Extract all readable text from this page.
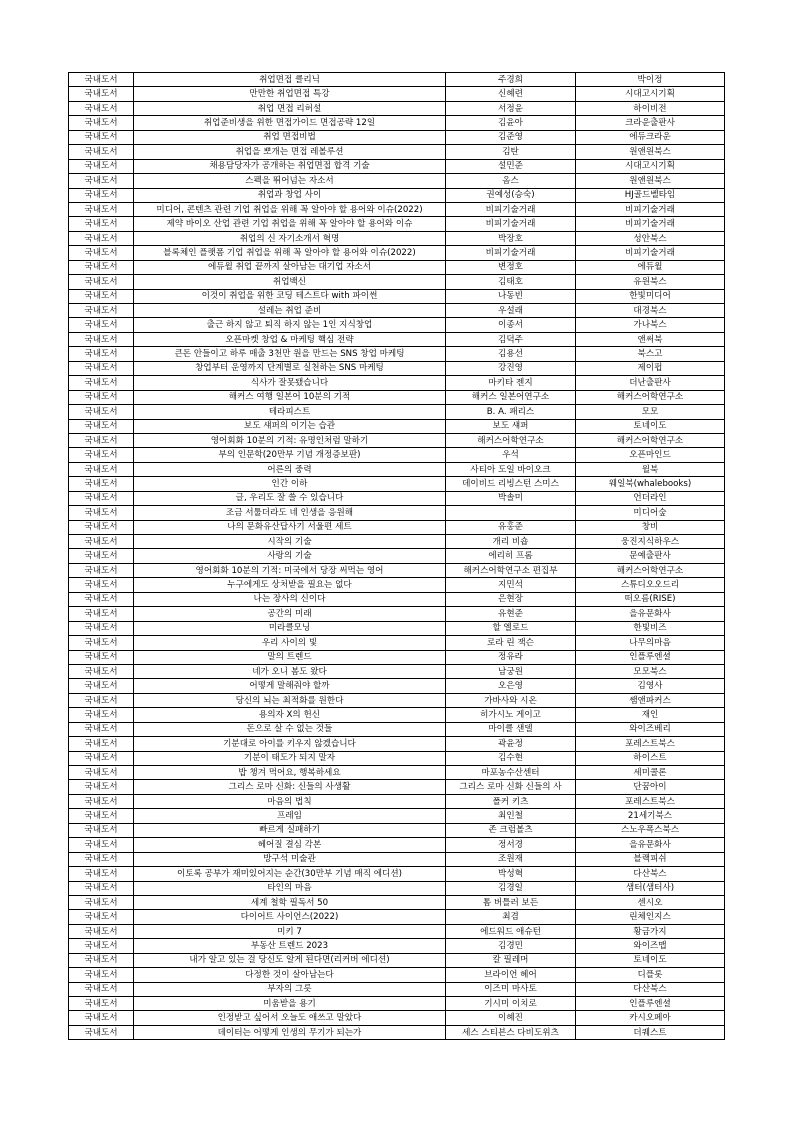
국내도서	취업면접 클리닉	주경희	박이정
국내도서	만만한 취업면접 특강	신혜련	시대고시기획
국내도서	취업 면접 리허설	서정윤	하이비전
국내도서	취업준비생을 위한 면접가이드 면접공략 12일	김윤아	크라운출판사
국내도서	취업 면접비법	김준영	에듀크라운
국내도서	취업을 뽀개는 면접 레볼루션	김탄	원앤원북스
국내도서	채용담당자가 공개하는 취업면접 합격 기술	설민준	시대고시기획
국내도서	스펙을 뛰어넘는 자소서	옴스	원앤원북스
국내도서	취업과 창업 사이	권예성(승숙)	HJ골드벨타임
국내도서	미디어, 콘텐츠 관련 기업 취업을 위해 꼭 알아야 할 용어와 이슈(2022)	비피기술거래	비피기술거래
국내도서	제약 바이오 산업 관련 기업 취업을 위해 꼭 알아야 할 용어와 이슈	비피기술거래	비피기술거래
국내도서	취업의 신 자기소개서 혁명	박장호	성안북스
국내도서	블록체인 플랫폼 기업 취업을 위해 꼭 알아야 할 용어와 이슈(2022)	비피기술거래	비피기술거래
국내도서	에듀윌 취업 끝까지 살아남는 대기업 자소서	변정호	에듀윌
국내도서	취업백신	김태호	유원북스
국내도서	이것이 취업을 위한 코딩 테스트다 with 파이썬	나동빈	한빛미디어
국내도서	설레는 취업 준비	우설래	대경북스
국내도서	출근 하지 않고 퇴직 하지 않는 1인 지식창업	이종서	가나북스
국내도서	오픈마켓 창업 & 마케팅 핵심 전략	김덕주	앤써북
국내도서	큰돈 안들이고 하루 매출 3천만 원을 만드는 SNS 창업 마케팅	김용선	북스고
국내도서	창업부터 운영까지 단계별로 실천하는 SNS 마케팅	강진영	제이펍
국내도서	식사가 잘못됐습니다	마키타 젠지	더난출판사
국내도서	해커스 여행 일본어 10분의 기적	해커스 일본어연구소	해커스어학연구소
국내도서	테라피스트	B. A. 패리스	모모
국내도서	보도 섀퍼의 이기는 습관	보도 섀퍼	토네이도
국내도서	영어회화 10분의 기적: 유명인처럼 말하기	해커스어학연구소	해커스어학연구소
국내도서	부의 인문학(20만부 기념 개정증보판)	우석	오픈마인드
국내도서	어른의 중력	사티아 도일 바이오크	윌북
국내도서	인간 이하	데이비드 리빙스턴 스미스	웨일북(whalebooks)
국내도서	글, 우리도 잘 쓸 수 있습니다	박솔미	언더라인
국내도서	조금 서툴더라도 네 인생을 응원해		미디어숲
국내도서	나의 문화유산답사기 서울편 세트	유홍준	창비
국내도서	시작의 기술	개리 비숍	웅진지식하우스
국내도서	사랑의 기술	에리히 프롬	문예출판사
국내도서	영어회화 10분의 기적: 미국에서 당장 써먹는 영어	해커스어학연구소 편집부	해커스어학연구소
국내도서	누구에게도 상처받을 필요는 없다	지민석	스튜디오오드리
국내도서	나는 장사의 신이다	은현장	떠오름(RISE)
국내도서	공간의 미래	유현준	을유문화사
국내도서	미라클모닝	할 엘로드	한빛비즈
국내도서	우리 사이의 빛	로라 린 잭슨	나무의마음
국내도서	말의 트렌드	정유라	인플루엔셜
국내도서	네가 오니 봄도 왔다	남궁원	모모북스
국내도서	어떻게 말해줘야 할까	오은영	김영사
국내도서	당신의 뇌는 최적화를 원한다	가바사와 시온	쌤앤파커스
국내도서	용의자 X의 헌신	히가시노 게이고	재인
국내도서	돈으로 살 수 없는 것들	마이클 샌델	와이즈베리
국내도서	기분대로 아이를 키우지 않겠습니다	곽윤정	포레스트북스
국내도서	기분이 태도가 되지 말자	김수현	하이스트
국내도서	밥 챙겨 먹어요, 행복하세요	마포농수산센터	세미콜론
국내도서	그리스 로마 신화: 신들의 사생활	그리스 로마 신화 신들의 사	단꿈아이
국내도서	마음의 법칙	폴커 키츠	포레스트북스
국내도서	프레임	최인철	21세기북스
국내도서	빠르게 실패하기	존 크럼볼츠	스노우폭스북스
국내도서	헤어질 결심 각본	정서경	을유문화사
국내도서	방구석 미술관	조원재	블랙피쉬
국내도서	이토록 공부가 재미있어지는 순간(30만부 기념 매직 에디션)	박성혁	다산북스
국내도서	타인의 마음	김경일	샘터(샘터사)
국내도서	세계 철학 필독서 50	톰 버틀러 보든	센시오
국내도서	다이어트 사이언스(2022)	최겸	린체인지스
국내도서	미키 7	에드워드 애슈턴	황금가지
국내도서	부동산 트렌드 2023	김경민	와이즈맵
국내도서	내가 알고 있는 걸 당신도 알게 된다면(리커버 에디션)	칼 필레머	토네이도
국내도서	다정한 것이 살아남는다	브라이언 헤어	디플롯
국내도서	부자의 그릇	이즈미 마사토	다산북스
국내도서	미움받을 용기	기시미 이치로	인플루엔셜
국내도서	인정받고 싶어서 오늘도 애쓰고 말았다	이혜진	카시오페아
국내도서	데이터는 어떻게 인생의 무기가 되는가	세스 스티븐스 다비도위츠	더퀘스트
